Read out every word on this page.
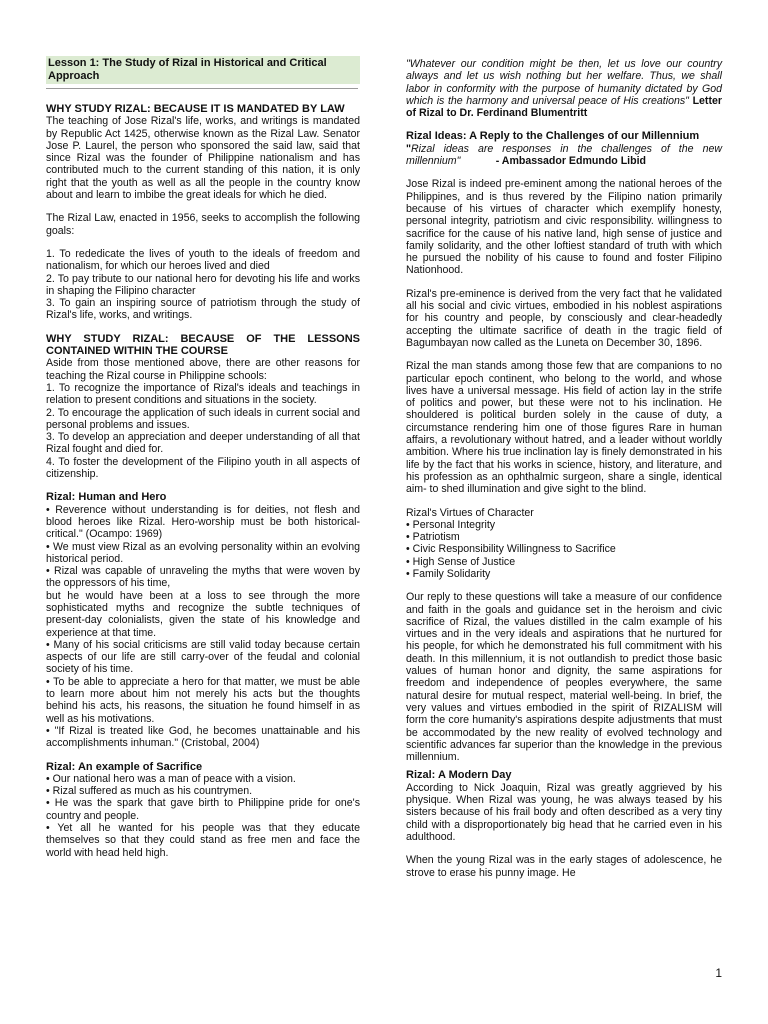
Lesson 1: The Study of Rizal in Historical and Critical Approach

WHY STUDY RIZAL: BECAUSE IT IS MANDATED BY LAW

The teaching of Jose Rizal's life, works, and writings is mandated by Republic Act 1425, otherwise known as the Rizal Law. Senator Jose P. Laurel, the person who sponsored the said law, said that since Rizal was the founder of Philippine nationalism and has contributed much to the current standing of this nation, it is only right that the youth as well as all the people in the country know about and learn to imbibe the great ideals for which he died.

The Rizal Law, enacted in 1956, seeks to accomplish the following goals:

1. To rededicate the lives of youth to the ideals of freedom and nationalism, for which our heroes lived and died

2. To pay tribute to our national hero for devoting his life and works in shaping the Filipino character

3. To gain an inspiring source of patriotism through the study of Rizal's life, works, and writings.

WHY STUDY RIZAL: BECAUSE OF THE LESSONS CONTAINED WITHIN THE COURSE

Aside from those mentioned above, there are other reasons for teaching the Rizal course in Philippine schools:

1. To recognize the importance of Rizal's ideals and teachings in relation to present conditions and situations in the society.

2. To encourage the application of such ideals in current social and personal problems and issues.

3. To develop an appreciation and deeper understanding of all that Rizal fought and died for.

4. To foster the development of the Filipino youth in all aspects of citizenship.

Rizal: Human and Hero

• Reverence without understanding is for deities, not flesh and blood heroes like Rizal. Hero-worship must be both historical-critical." (Ocampo: 1969)

• We must view Rizal as an evolving personality within an evolving historical period.

• Rizal was capable of unraveling the myths that were woven by the oppressors of his time,

but he would have been at a loss to see through the more sophisticated myths and recognize the subtle techniques of present-day colonialists, given the state of his knowledge and experience at that time.

• Many of his social criticisms are still valid today because certain aspects of our life are still carry-over of the feudal and colonial society of his time.

• To be able to appreciate a hero for that matter, we must be able to learn more about him not merely his acts but the thoughts behind his acts, his reasons, the situation he found himself in as well as his motivations.

• "If Rizal is treated like God, he becomes unattainable and his accomplishments inhuman." (Cristobal, 2004)

Rizal: An example of Sacrifice

• Our national hero was a man of peace with a vision.

• Rizal suffered as much as his countrymen.

• He was the spark that gave birth to Philippine pride for one's country and people.

• Yet all he wanted for his people was that they educate themselves so that they could stand as free men and face the world with head held high.

"Whatever our condition might be then, let us love our country always and let us wish nothing but her welfare. Thus, we shall labor in conformity with the purpose of humanity dictated by God which is the harmony and universal peace of His creations" Letter of Rizal to Dr. Ferdinand Blumentritt

Rizal Ideas: A Reply to the Challenges of our Millennium

"Rizal ideas are responses in the challenges of the new millennium"	- Ambassador Edmundo Libid

Jose Rizal is indeed pre-eminent among the national heroes of the Philippines, and is thus revered by the Filipino nation primarily because of his virtues of character which exemplify honesty, personal integrity, patriotism and civic responsibility. willingness to sacrifice for the cause of his native land, high sense of justice and family solidarity, and the other loftiest standard of truth with which he pursued the nobility of his cause to found and foster Filipino Nationhood.

Rizal's pre-eminence is derived from the very fact that he validated all his social and civic virtues, embodied in his noblest aspirations for his country and people, by consciously and clear-headedly accepting the ultimate sacrifice of death in the tragic field of Bagumbayan now called as the Luneta on December 30, 1896.

Rizal the man stands among those few that are companions to no particular epoch continent, who belong to the world, and whose lives have a universal message. His field of action lay in the strife of politics and power, but these were not to his inclination. He shouldered is political burden solely in the cause of duty, a circumstance rendering him one of those figures Rare in human affairs, a revolutionary without hatred, and a leader without worldly ambition. Where his true inclination lay is finely demonstrated in his life by the fact that his works in science, history, and literature, and his profession as an ophthalmic surgeon, share a single, identical aim- to shed illumination and give sight to the blind.

Rizal's Virtues of Character

• Personal Integrity

• Patriotism

• Civic Responsibility Willingness to Sacrifice

• High Sense of Justice

• Family Solidarity

Our reply to these questions will take a measure of our confidence and faith in the goals and guidance set in the heroism and civic sacrifice of Rizal, the values distilled in the calm example of his virtues and in the very ideals and aspirations that he nurtured for his people, for which he demonstrated his full commitment with his death. In this millennium, it is not outlandish to predict those basic values of human honor and dignity, the same aspirations for freedom and independence of peoples everywhere, the same natural desire for mutual respect, material well-being. In brief, the very values and virtues embodied in the spirit of RIZALISM will form the core humanity's aspirations despite adjustments that must be accommodated by the new reality of evolved technology and scientific advances far superior than the knowledge in the previous millennium.

Rizal: A Modern Day

According to Nick Joaquin, Rizal was greatly aggrieved by his physique. When Rizal was young, he was always teased by his sisters because of his frail body and often described as a very tiny child with a disproportionately big head that he carried even in his adulthood.

When the young Rizal was in the early stages of adolescence, he strove to erase his punny image. He

1
